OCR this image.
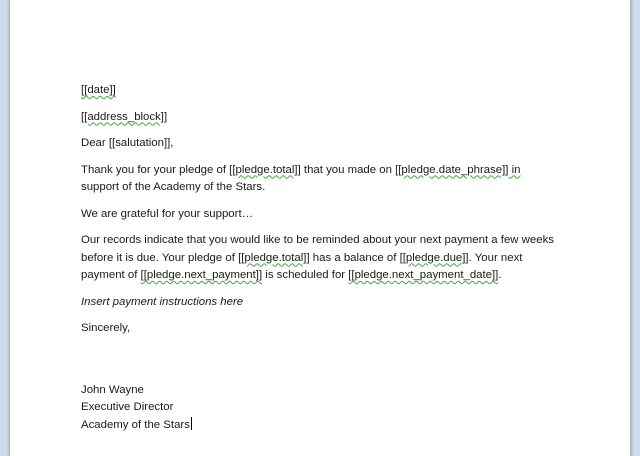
[[date]]

[[address_block]]

Dear [[salutation]],

Thank you for your pledge of [[pledge.total]] that you made on [[pledge.date_phrase]] in
support of the Academy of the Stars.

We are grateful for your support…

Our records indicate that you would like to be reminded about your next payment a few weeks
before it is due. Your pledge of [[pledge.total]] has a balance of [[pledge.due]]. Your next
payment of [[pledge.next_payment]] is scheduled for [[pledge.next_payment_date]].

Insert payment instructions here

Sincerely,

John Wayne

Executive Director

Academy of the Stars
